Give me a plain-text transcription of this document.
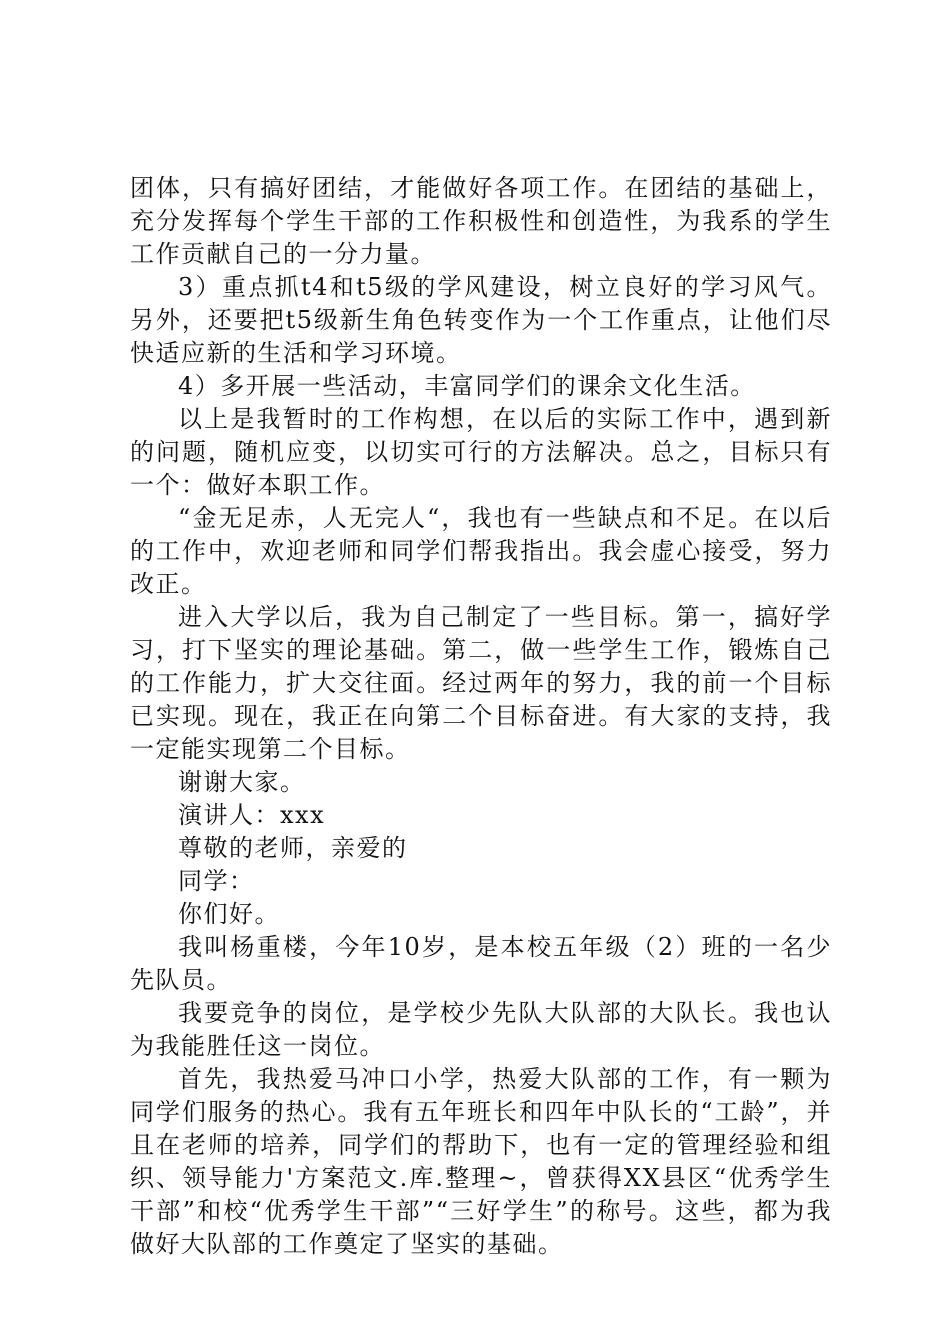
团体，只有搞好团结，才能做好各项工作。在团结的基础上，充分发挥每个学生干部的工作积极性和创造性，为我系的学生工作贡献自己的一分力量。

3）重点抓t4和t5级的学风建设，树立良好的学习风气。另外，还要把t5级新生角色转变作为一个工作重点，让他们尽快适应新的生活和学习环境。

4）多开展一些活动，丰富同学们的课余文化生活。

以上是我暂时的工作构想，在以后的实际工作中，遇到新的问题，随机应变，以切实可行的方法解决。总之，目标只有一个：做好本职工作。

“金无足赤，人无完人“，我也有一些缺点和不足。在以后的工作中，欢迎老师和同学们帮我指出。我会虚心接受，努力改正。

进入大学以后，我为自己制定了一些目标。第一，搞好学习，打下坚实的理论基础。第二，做一些学生工作，锻炼自己的工作能力，扩大交往面。经过两年的努力，我的前一个目标已实现。现在，我正在向第二个目标奋进。有大家的支持，我一定能实现第二个目标。

谢谢大家。

演讲人：xxx

尊敬的老师，亲爱的

同学：

你们好。

我叫杨重楼，今年10岁，是本校五年级（2）班的一名少先队员。

我要竞争的岗位，是学校少先队大队部的大队长。我也认为我能胜任这一岗位。

首先，我热爱马冲口小学，热爱大队部的工作，有一颗为同学们服务的热心。我有五年班长和四年中队长的“工龄”，并且在老师的培养，同学们的帮助下，也有一定的管理经验和组织、领导能力'方案范文.库.整理~，曾获得XX县区“优秀学生干部”和校“优秀学生干部”“三好学生”的称号。这些，都为我做好大队部的工作奠定了坚实的基础。
